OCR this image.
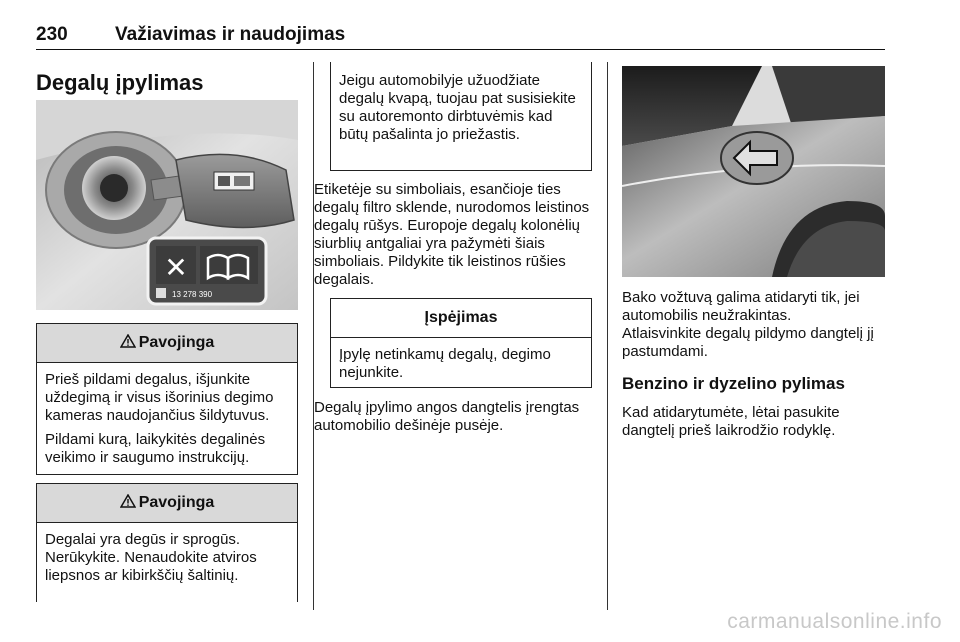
230 Važiavimas ir naudojimas
Degalų įpylimas
✕
13 278 390
Pavojinga

Prieš pildami degalus, išjunkite uždegimą ir visus išorinius degimo kameras naudojančius šildytuvus.

Pildami kurą, laikykitės degalinės veikimo ir saugumo instrukcijų.

Pavojinga

Degalai yra degūs ir sprogūs. Nerūkykite. Nenaudokite atviros liepsnos ar kibirkščių šaltinių.

Jeigu automobilyje užuodžiate degalų kvapą, tuojau pat susisiekite su autoremonto dirbtuvėmis kad būtų pašalinta jo priežastis.

Etiketėje su simboliais, esančioje ties degalų filtro sklende, nurodomos leistinos degalų rūšys. Europoje degalų kolonėlių siurblių antgaliai yra pažymėti šiais simboliais. Pildykite tik leistinos rūšies degalais.
Įspėjimas

Įpylę netinkamų degalų, degimo nejunkite.

Degalų įpylimo angos dangtelis įrengtas automobilio dešinėje pusėje.
Bako vožtuvą galima atidaryti tik, jei automobilis neužrakintas.
Atlaisvinkite degalų pildymo dangtelį jį pastumdami.
Benzino ir dyzelino pylimas
Kad atidarytumėte, lėtai pasukite dangtelį prieš laikrodžio rodyklę.
carmanualsonline.info
